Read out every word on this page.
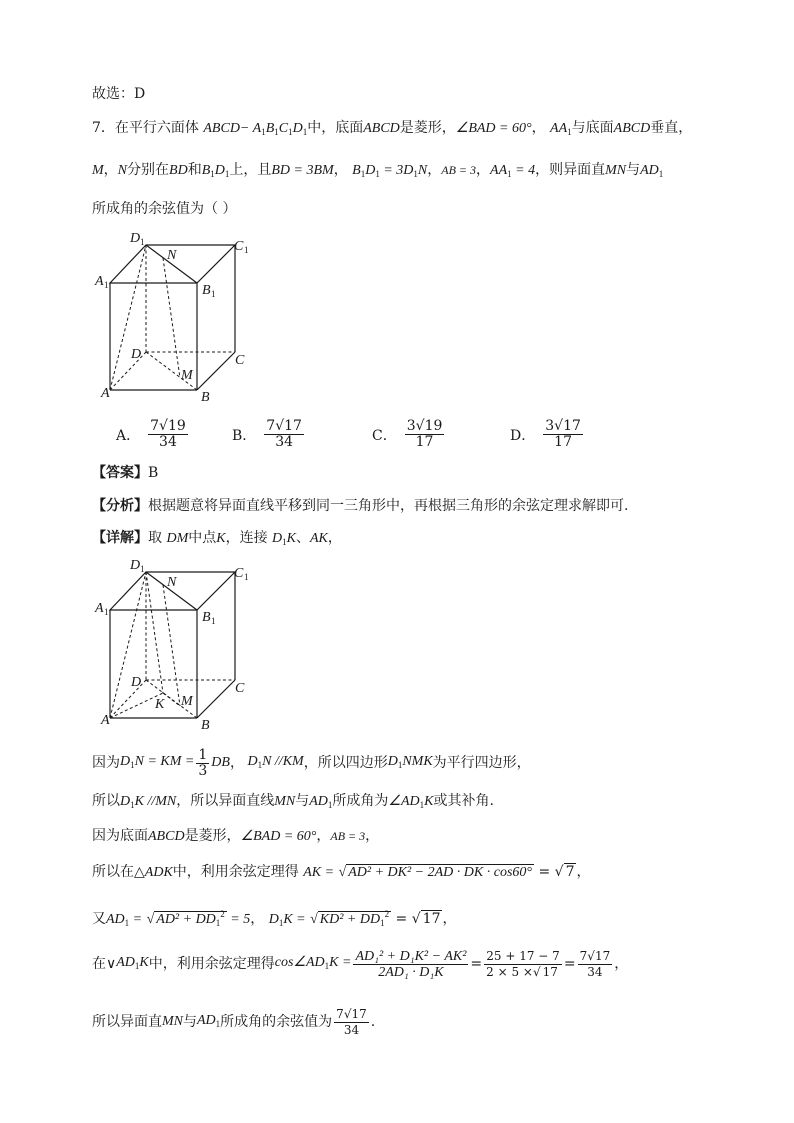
故选：D
7．在平行六面体 ABCD− $A_1B_1C_1D_1$中，底面ABCD是菱形，∠BAD = 60°， $AA_1$与底面ABCD垂直，
M，N分别在BD和$B_1D_1$上，且BD = 3BM， $B_1D_1 = 3D_1N$，AB = 3，$AA_1 = 4$，则异面直MN与$AD_1$
所成角的余弦值为（ ）
D 1
N
C 1
A 1	B 1
D	C
M
A	B
A． $\frac{7√19}{34}$	B． $\frac{7√17}{34}$	C． $\frac{3√19}{17}$	D． $\frac{3√17}{17}$
【答案】B
【分析】根据题意将异面直线平移到同一三角形中，再根据三角形的余弦定理求解即可.
【详解】取 DM中点K，连接 $D_1K$、AK，
D 1
N
C 1
A 1	B 1
D	C
M
K
A	B
因为 $D_1N$ = KM = $\frac{1}{3}$ DB ， $D_1N$ //KM ，所以四边形 $D_1NMK$ 为平行四边形，
所以$D_1K$ //MN，所以异面直线MN与$AD_1$所成角为$\angle AD_1K$或其补角.
因为底面ABCD是菱形，∠BAD = 60°，AB = 3，
所以在△ADK中，利用余弦定理得 AK = √ AD² + DK² − 2AD · DK · cos60° = √ 7 ，
又$AD_1$ = √ $AD^2 + DD_1^2 = 5$， $D_1K$ = √ $KD^2 + DD_1^2$ = √ 17 ，
在∨ $AD_1K$ 中，利用余弦定理得 $\cos\angle AD_1K = \frac{\text{AD₁² + D₁K² − AK²}}{\text{2AD₁ · D₁K}} = \frac{25 + 17 - 7}{2 \times 5 \times√ 17} = \frac{7√17}{34}$ ，
所以异面直 MN 与 $AD_1$ 所成角的余弦值为 $\frac{7√17}{34}$ .
